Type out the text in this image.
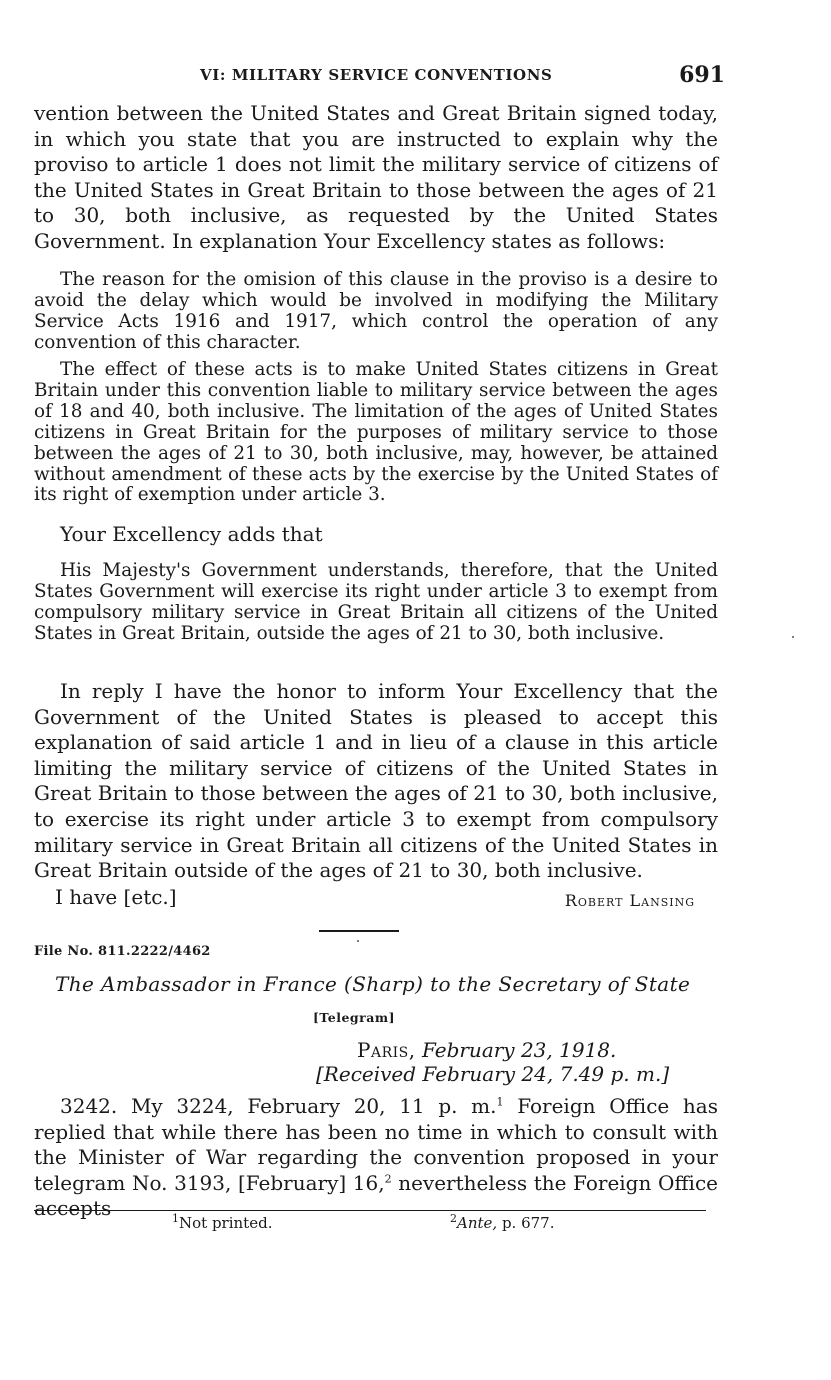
VI: MILITARY SERVICE CONVENTIONS	691

vention between the United States and Great Britain signed today, in which you state that you are instructed to explain why the proviso to article 1 does not limit the military service of citizens of the United States in Great Britain to those between the ages of 21 to 30, both inclusive, as requested by the United States Government. In explanation Your Excellency states as follows:

The reason for the omision of this clause in the proviso is a desire to avoid the delay which would be involved in modifying the Military Service Acts 1916 and 1917, which control the operation of any convention of this character.

The effect of these acts is to make United States citizens in Great Britain under this convention liable to military service between the ages of 18 and 40, both inclusive. The limitation of the ages of United States citizens in Great Britain for the purposes of military service to those between the ages of 21 to 30, both inclusive, may, however, be attained without amendment of these acts by the exercise by the United States of its right of exemption under article 3.

Your Excellency adds that

His Majesty's Government understands, therefore, that the United States Government will exercise its right under article 3 to exempt from compulsory military service in Great Britain all citizens of the United States in Great Britain, outside the ages of 21 to 30, both inclusive.

In reply I have the honor to inform Your Excellency that the Government of the United States is pleased to accept this explanation of said article 1 and in lieu of a clause in this article limiting the military service of citizens of the United States in Great Britain to those between the ages of 21 to 30, both inclusive, to exercise its right under article 3 to exempt from compulsory military service in Great Britain all citizens of the United States in Great Britain outside of the ages of 21 to 30, both inclusive.

I have [etc.]	Robert Lansing
File No. 811.2222/4462
The Ambassador in France (Sharp) to the Secretary of State
[Telegram]
Paris, February 23, 1918.
[Received February 24, 7.49 p. m.]

3242. My 3224, February 20, 11 p. m.$^1$ Foreign Office has replied that while there has been no time in which to consult with the Minister of War regarding the convention proposed in your telegram No. 3193, [February] 16,$^2$ nevertheless the Foreign Office accepts	$^1$Not printed.	$^2$Ante, p. 677.
